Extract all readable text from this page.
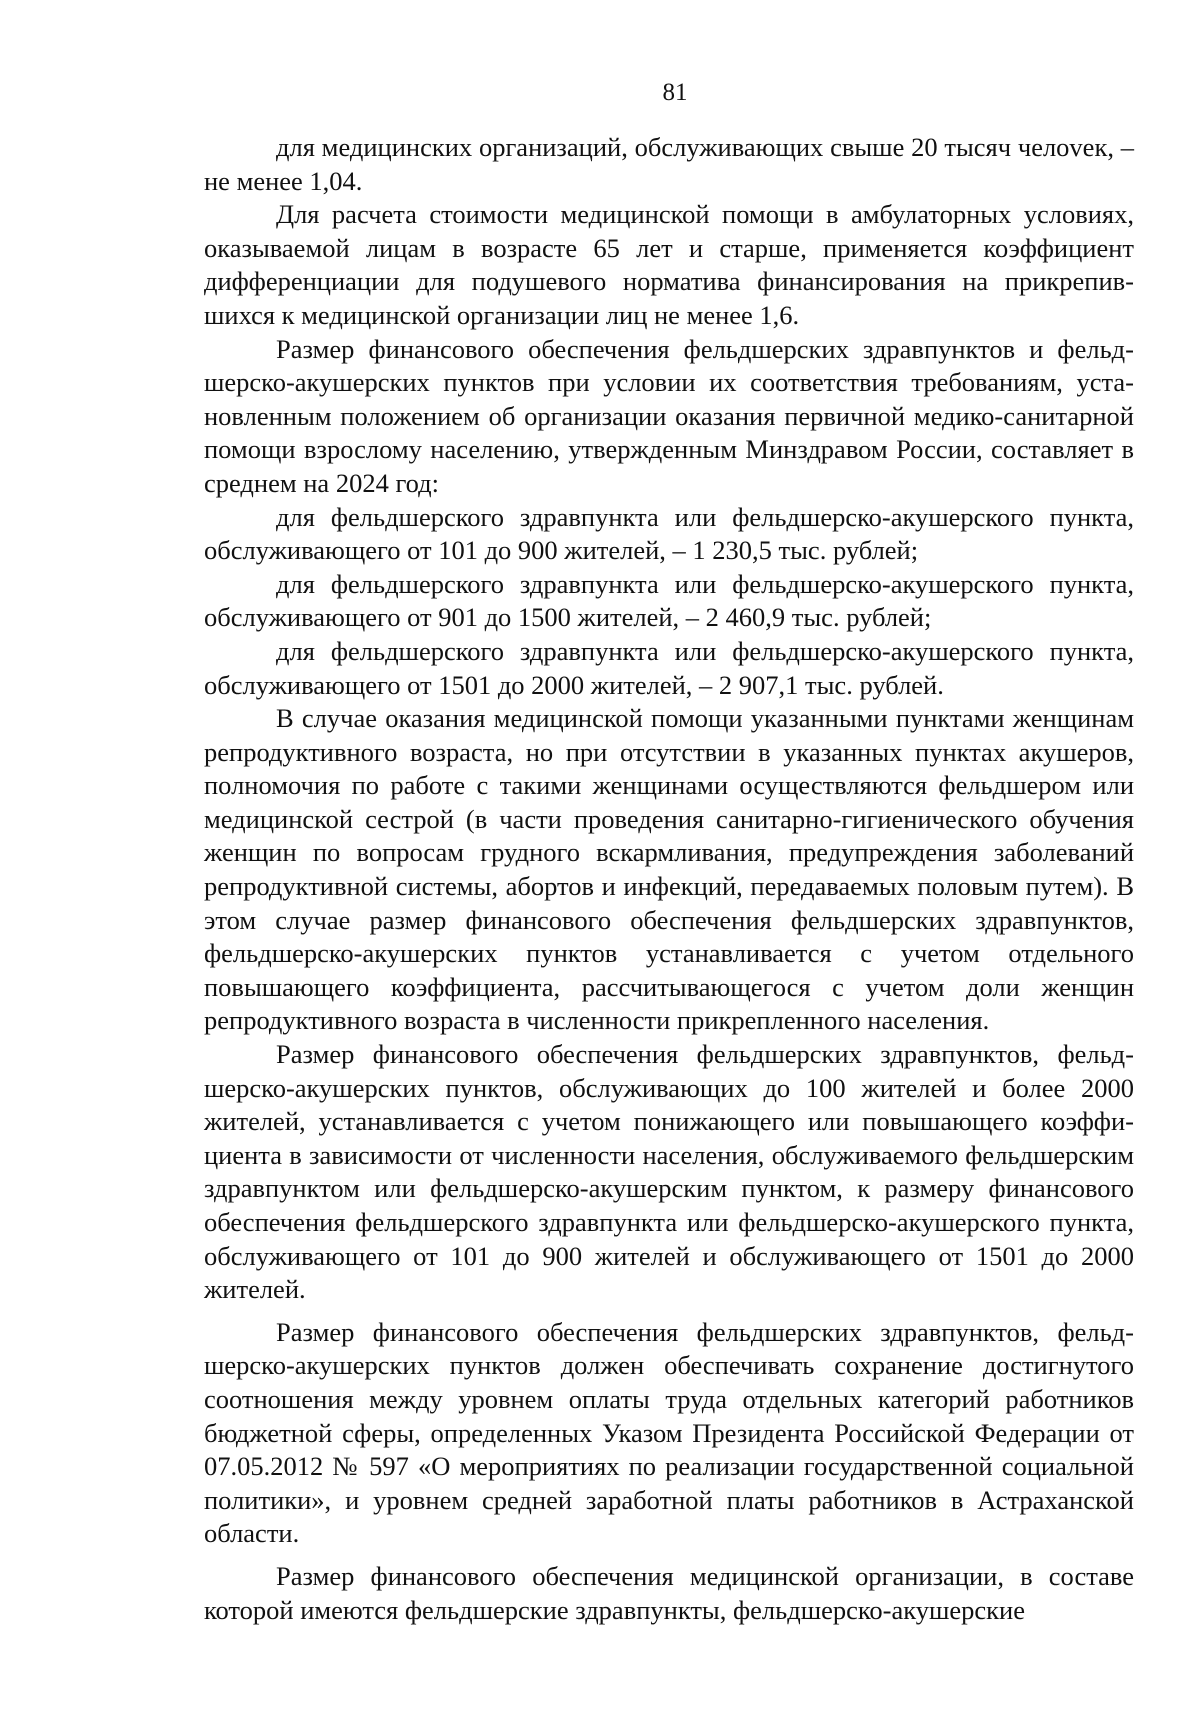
81

для медицинских организаций, обслуживающих свыше 20 тысяч челоvек, – не менее 1,04.

Для расчета стоимости медицинской помощи в амбулаторных условиях, оказываемой лицам в возрасте 65 лет и старше, применяется коэффициент дифференциации для подушевого норматива финансирования на прикрепившихся к медицинской организации лиц не менее 1,6.

Размер финансового обеспечения фельдшерских здравпунктов и фельдшерско-акушерских пунктов при условии их соответствия требованиям, установленным положением об организации оказания первичной медико-санитарной помощи взрослому населению, утвержденным Минздравом России, составляет в среднем на 2024 год:

для фельдшерского здравпункта или фельдшерско-акушерского пункта, обслуживающего от 101 до 900 жителей, – 1 230,5 тыс. рублей;

для фельдшерского здравпункта или фельдшерско-акушерского пункта, обслуживающего от 901 до 1500 жителей, – 2 460,9 тыс. рублей;

для фельдшерского здравпункта или фельдшерско-акушерского пункта, обслуживающего от 1501 до 2000 жителей, – 2 907,1 тыс. рублей.

В случае оказания медицинской помощи указанными пунктами женщинам репродуктивного возраста, но при отсутствии в указанных пунктах акушеров, полномочия по работе с такими женщинами осуществляются фельдшером или медицинской сестрой (в части проведения санитарно-гигиенического обучения женщин по вопросам грудного вскармливания, предупреждения заболеваний репродуктивной системы, абортов и инфекций, передаваемых половым путем). В этом случае размер финансового обеспечения фельдшерских здравпунктов, фельдшерско-акушерских пунктов устанавливается с учетом отдельного повышающего коэффициента, рассчитывающегося с учетом доли женщин репродуктивного возраста в численности прикрепленного населения.

Размер финансового обеспечения фельдшерских здравпунктов, фельдшерско-акушерских пунктов, обслуживающих до 100 жителей и более 2000 жителей, устанавливается с учетом понижающего или повышающего коэффициента в зависимости от численности населения, обслуживаемого фельдшерским здравпунктом или фельдшерско-акушерским пунктом, к размеру финансового обеспечения фельдшерского здравпункта или фельдшерско-акушерского пункта, обслуживающего от 101 до 900 жителей и обслуживающего от 1501 до 2000 жителей.

Размер финансового обеспечения фельдшерских здравпунктов, фельдшерско-акушерских пунктов должен обеспечивать сохранение достигнутого соотношения между уровнем оплаты труда отдельных категорий работников бюджетной сферы, определенных Указом Президента Российской Федерации от 07.05.2012 № 597 «О мероприятиях по реализации государственной социальной политики», и уровнем средней заработной платы работников в Астраханской области.

Размер финансового обеспечения медицинской организации, в составе которой имеются фельдшерские здравпункты, фельдшерско-акушерские
